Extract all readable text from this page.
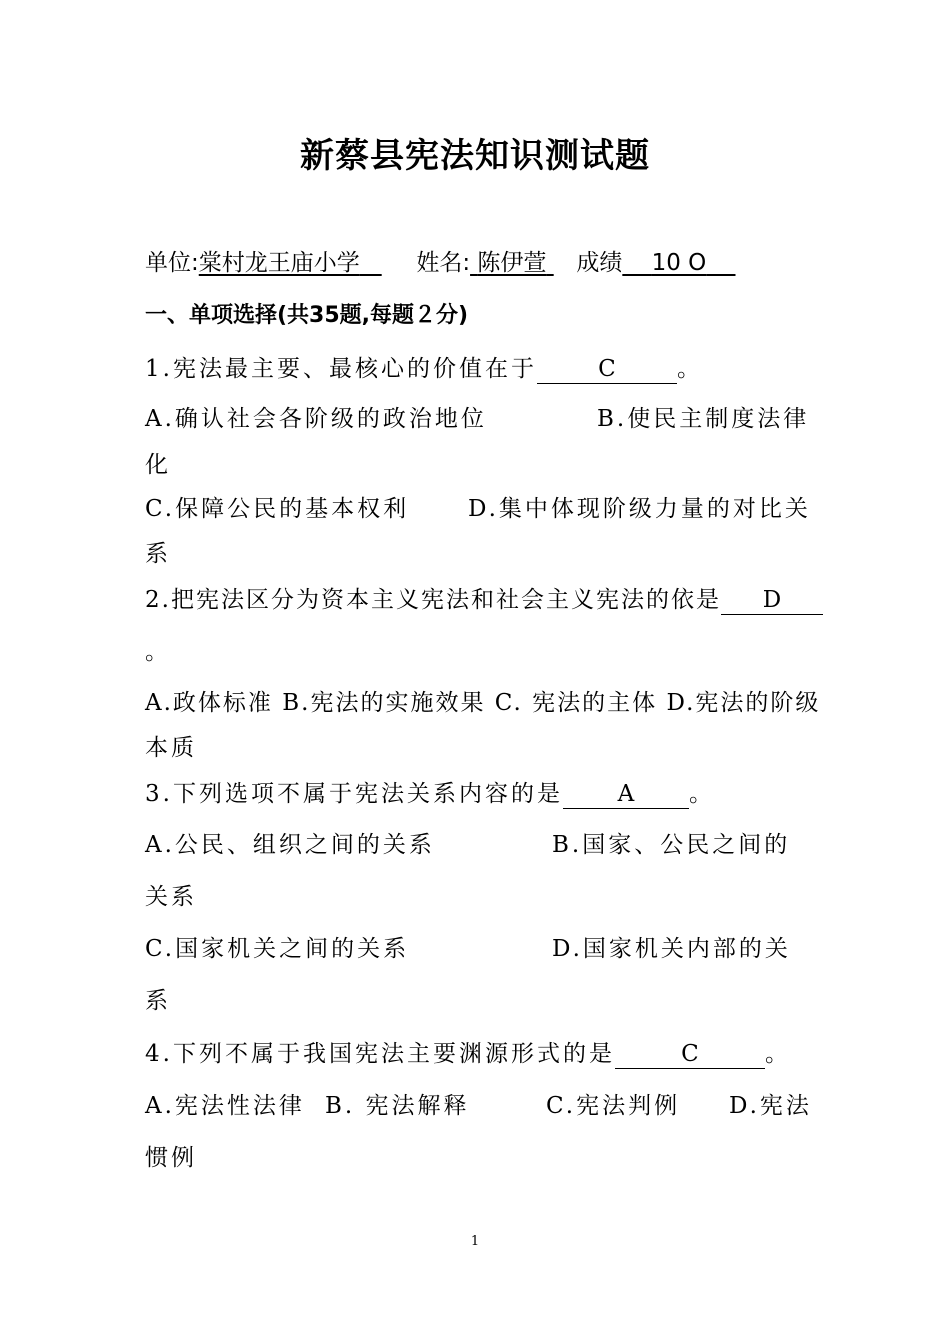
新蔡县宪法知识测试题
单位:棠村龙王庙小学 姓名: 陈伊萱 成绩 10 O
一、单项选择(共35题,每题２分)
1.宪法最主要、最核心的价值在于	C	。
A.确认社会各阶级的政治地位	B.使民主制度法律
化
C.保障公民的基本权利	D.集中体现阶级力量的对比关
系
2.把宪法区分为资本主义宪法和社会主义宪法的依是 D
。
A.政体标准 B.宪法的实施效果 C. 宪法的主体 D.宪法的阶级
本质
3.下列选项不属于宪法关系内容的是 A 。
A.公民、组织之间的关系	B.国家、公民之间的
关系
C.国家机关之间的关系	D.国家机关内部的关
系
4.下列不属于我国宪法主要渊源形式的是	C	。
A.宪法性法律 B. 宪法解释	C.宪法判例 D.宪法
惯例
1
